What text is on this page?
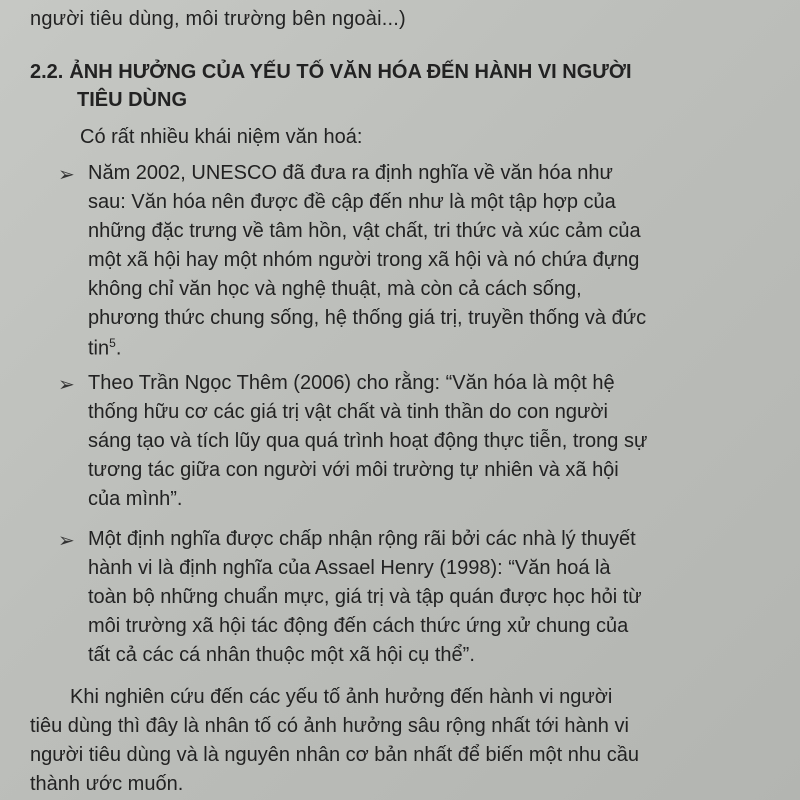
người tiêu dùng, môi trường bên ngoài...)
2.2. ẢNH HƯỞNG CỦA YẾU TỐ VĂN HÓA ĐẾN HÀNH VI NGƯỜI
TIÊU DÙNG
Có rất nhiều khái niệm văn hoá:
➢ Năm 2002, UNESCO đã đưa ra định nghĩa về văn hóa như
sau: Văn hóa nên được đề cập đến như là một tập hợp của
những đặc trưng về tâm hồn, vật chất, tri thức và xúc cảm của
một xã hội hay một nhóm người trong xã hội và nó chứa đựng
không chỉ văn học và nghệ thuật, mà còn cả cách sống,
phương thức chung sống, hệ thống giá trị, truyền thống và đức
tin$^5$.
➢ Theo Trần Ngọc Thêm (2006) cho rằng: “Văn hóa là một hệ
thống hữu cơ các giá trị vật chất và tinh thần do con người
sáng tạo và tích lũy qua quá trình hoạt động thực tiễn, trong sự
tương tác giữa con người với môi trường tự nhiên và xã hội
của mình”.
➢ Một định nghĩa được chấp nhận rộng rãi bởi các nhà lý thuyết
hành vi là định nghĩa của Assael Henry (1998): “Văn hoá là
toàn bộ những chuẩn mực, giá trị và tập quán được học hỏi từ
môi trường xã hội tác động đến cách thức ứng xử chung của
tất cả các cá nhân thuộc một xã hội cụ thể”.
Khi nghiên cứu đến các yếu tố ảnh hưởng đến hành vi người
tiêu dùng thì đây là nhân tố có ảnh hưởng sâu rộng nhất tới hành vi
người tiêu dùng và là nguyên nhân cơ bản nhất để biến một nhu cầu
thành ước muốn.
